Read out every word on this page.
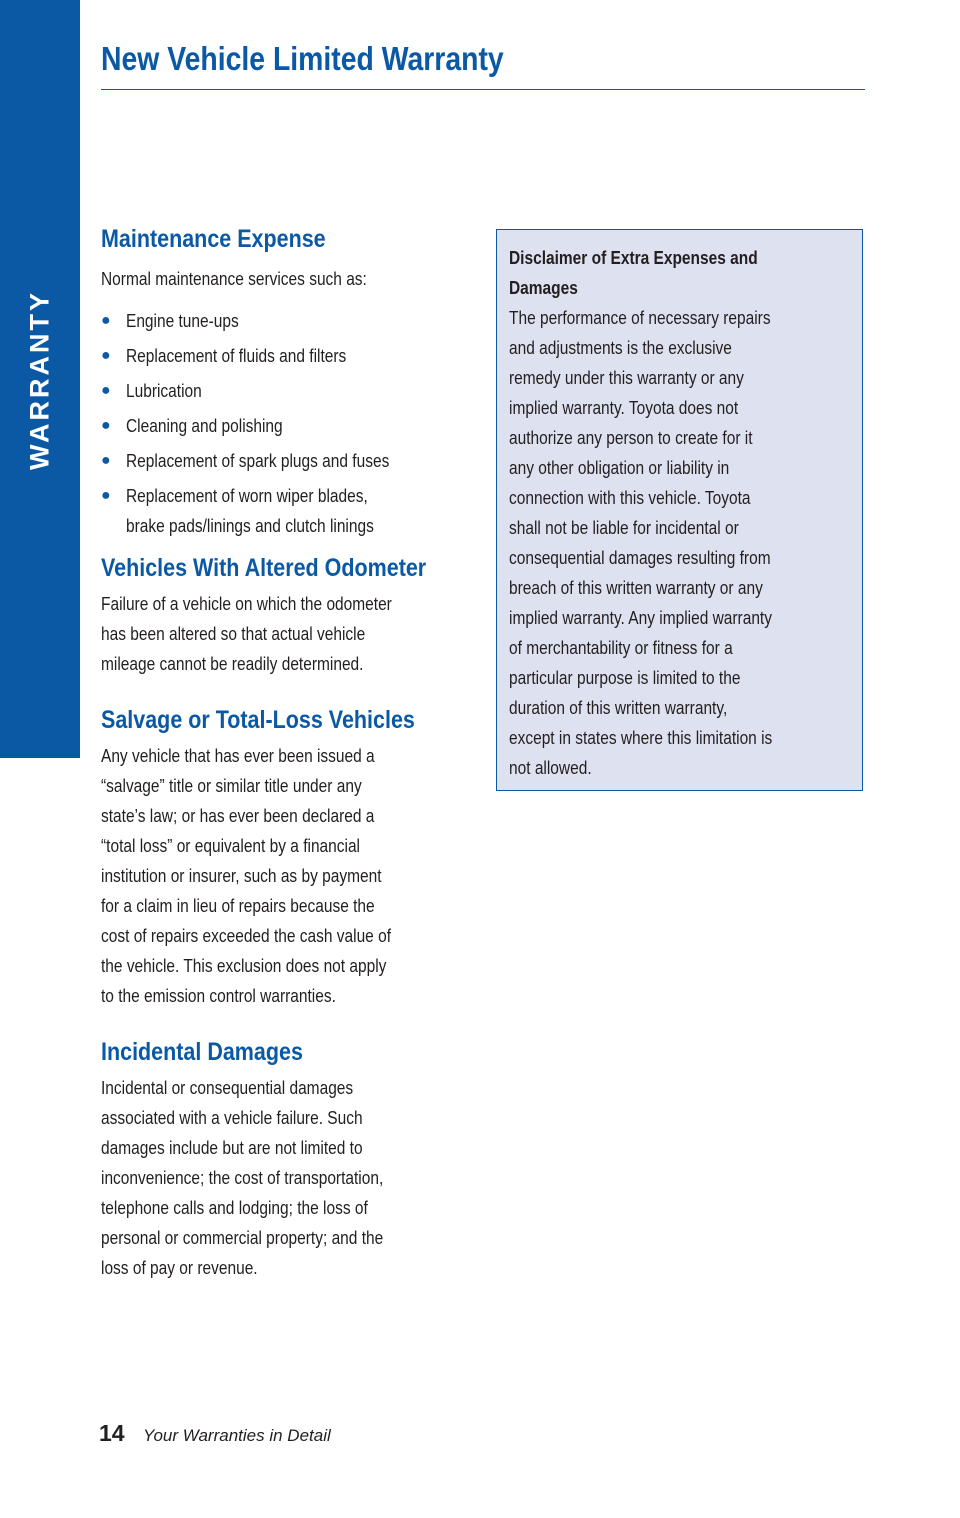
WARRANTY
New Vehicle Limited Warranty
Maintenance Expense

Normal maintenance services such as:

● Engine tune-ups
● Replacement of fluids and filters
● Lubrication
● Cleaning and polishing
● Replacement of spark plugs and fuses
● Replacement of worn wiper blades,
brake pads/linings and clutch linings
Vehicles With Altered Odometer

Failure of a vehicle on which the odometer
has been altered so that actual vehicle
mileage cannot be readily determined.

Salvage or Total-Loss Vehicles

Any vehicle that has ever been issued a
“salvage” title or similar title under any
state’s law; or has ever been declared a
“total loss” or equivalent by a financial
institution or insurer, such as by payment
for a claim in lieu of repairs because the
cost of repairs exceeded the cash value of
the vehicle. This exclusion does not apply
to the emission control warranties.

Incidental Damages

Incidental or consequential damages
associated with a vehicle failure. Such
damages include but are not limited to
inconvenience; the cost of transportation,
telephone calls and lodging; the loss of
personal or commercial property; and the
loss of pay or revenue.

Disclaimer of Extra Expenses and
Damages

The performance of necessary repairs
and adjustments is the exclusive
remedy under this warranty or any
implied warranty. Toyota does not
authorize any person to create for it
any other obligation or liability in
connection with this vehicle. Toyota
shall not be liable for incidental or
consequential damages resulting from
breach of this written warranty or any
implied warranty. Any implied warranty
of merchantability or fitness for a
particular purpose is limited to the
duration of this written warranty,
except in states where this limitation is
not allowed.

14 Your Warranties in Detail
